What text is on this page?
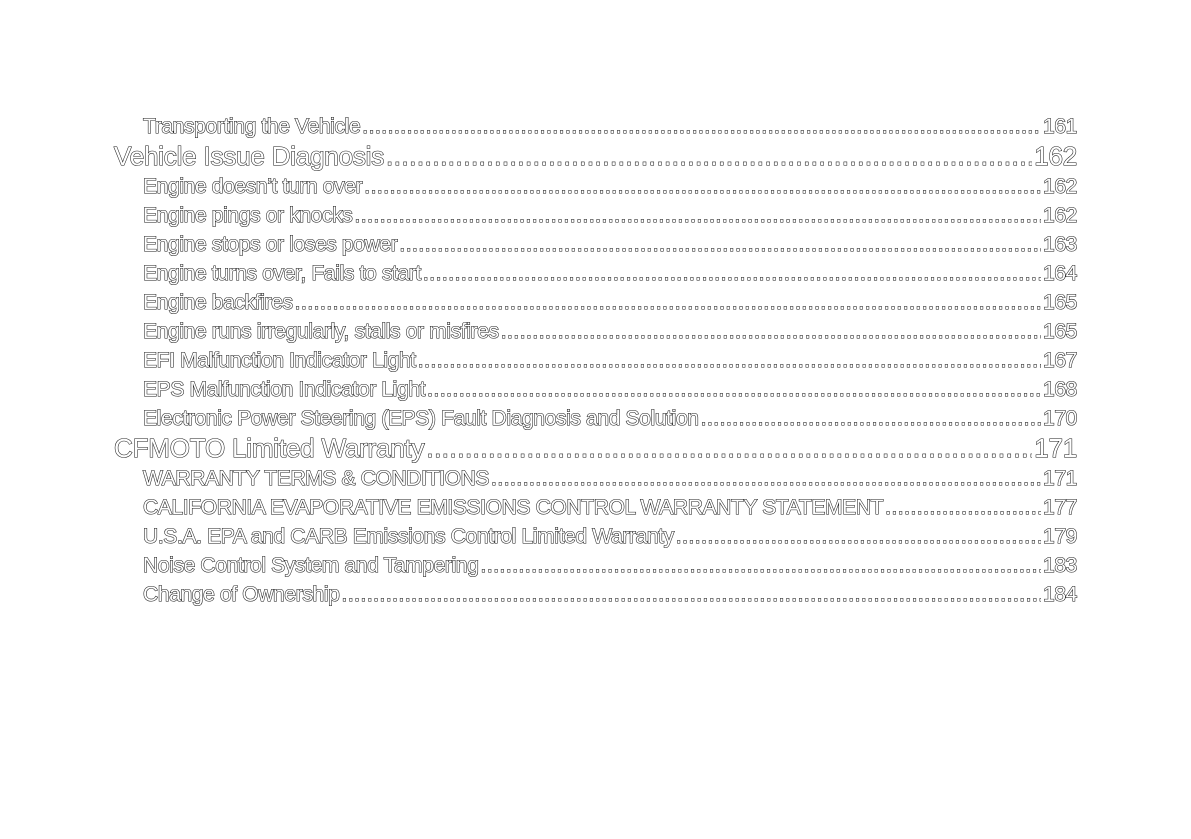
Transporting the Vehicle .....	161
Vehicle Issue Diagnosis .....	162
Engine doesn’t turn over .....	162
Engine pings or knocks .....	162
Engine stops or loses power .....	163
Engine turns over, Fails to start .....	164
Engine backfires .....	165
Engine runs irregularly, stalls or misfires .....	165
EFI Malfunction Indicator Light .....	167
EPS Malfunction Indicator Light .....	168
Electronic Power Steering (EPS) Fault Diagnosis and Solution .....	170
CFMOTO Limited Warranty .....	171
WARRANTY TERMS & CONDITIONS .....	171
CALIFORNIA EVAPORATIVE EMISSIONS CONTROL WARRANTY STATEMENT .....	177
U.S.A. EPA and CARB Emissions Control Limited Warranty .....	179
Noise Control System and Tampering .....	183
Change of Ownership .....	184
